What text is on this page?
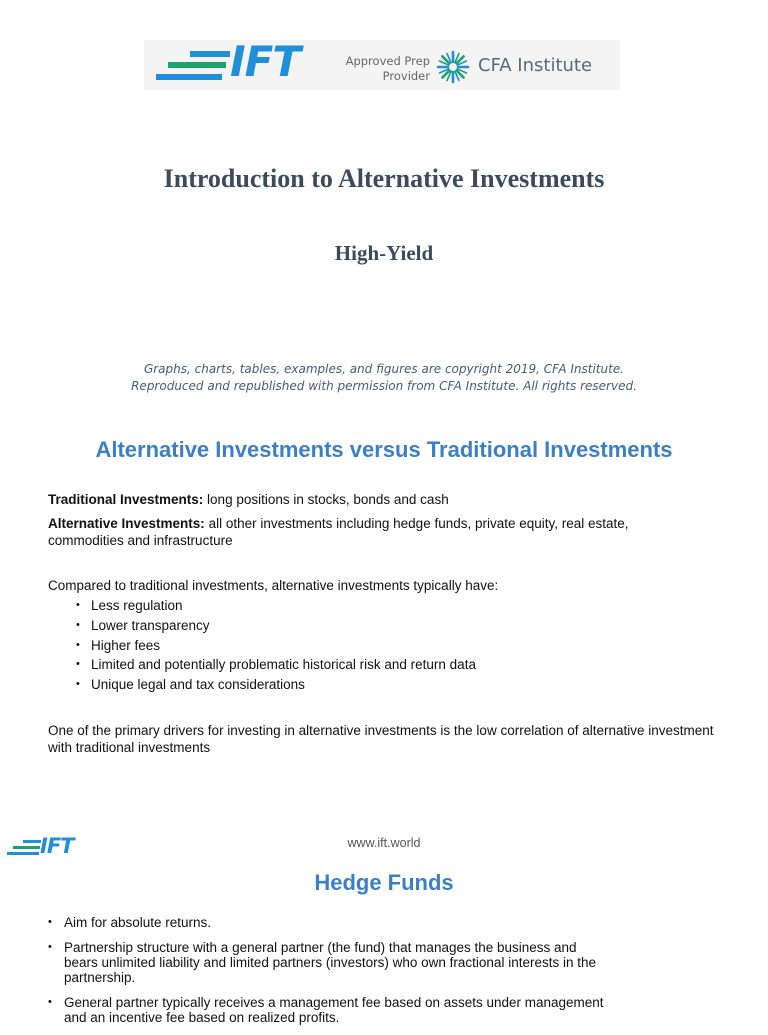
IFT	Approved Prep
Provider	CFA Institute
Introduction to Alternative Investments
High-Yield
Graphs, charts, tables, examples, and figures are copyright 2019, CFA Institute.
Reproduced and republished with permission from CFA Institute. All rights reserved.
Alternative Investments versus Traditional Investments
Traditional Investments: long positions in stocks, bonds and cash
Alternative Investments: all other investments including hedge funds, private equity, real estate, commodities and infrastructure
Compared to traditional investments, alternative investments typically have:
• Less regulation
• Lower transparency
• Higher fees
• Limited and potentially problematic historical risk and return data
• Unique legal and tax considerations
One of the primary drivers for investing in alternative investments is the low correlation of alternative investment with traditional investments
IFT	www.ift.world
Hedge Funds
• Aim for absolute returns.
• Partnership structure with a general partner (the fund) that manages the business and bears unlimited liability and limited partners (investors) who own fractional interests in the partnership.
• General partner typically receives a management fee based on assets under management and an incentive fee based on realized profits.
